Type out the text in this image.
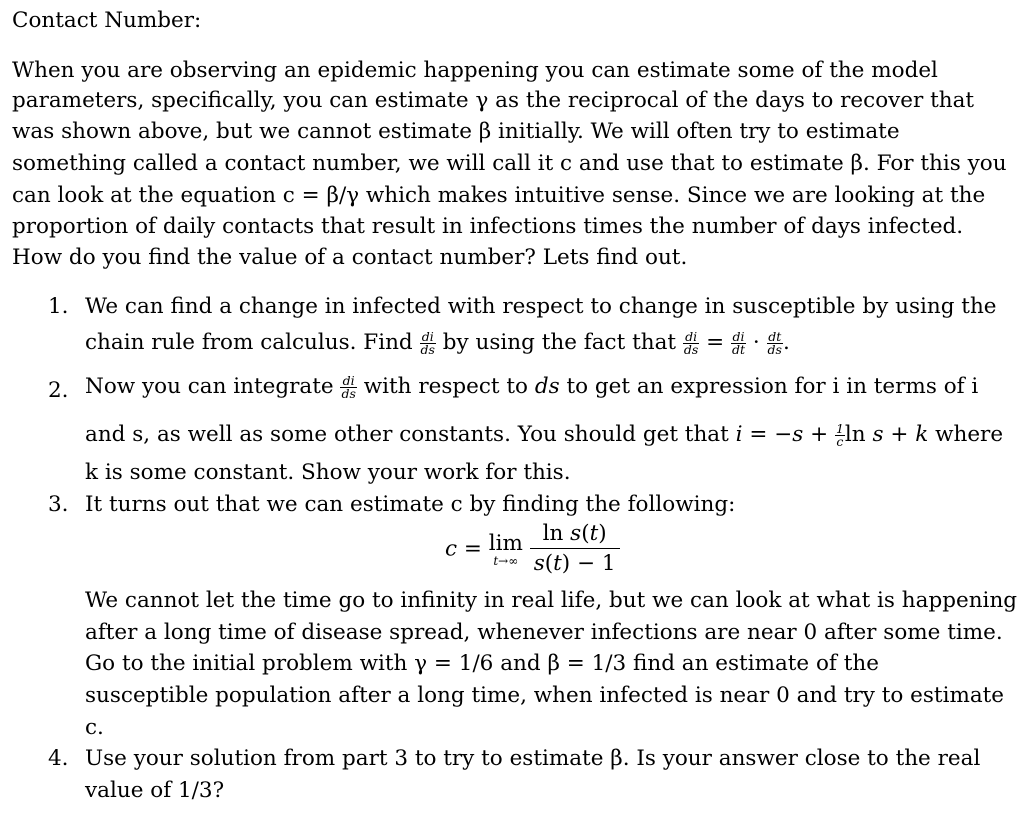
Contact Number:
When you are observing an epidemic happening you can estimate some of the model
parameters, specifically, you can estimate γ as the reciprocal of the days to recover that
was shown above, but we cannot estimate β initially. We will often try to estimate
something called a contact number, we will call it c and use that to estimate β. For this you
can look at the equation c = β/γ which makes intuitive sense. Since we are looking at the
proportion of daily contacts that result in infections times the number of days infected.
How do you find the value of a contact number? Lets find out.
1. We can find a change in infected with respect to change in susceptible by using the
chain rule from calculus. Find $\frac{di}{ds}$ by using the fact that $\frac{di}{ds} = \frac{di}{dt} \cdot \frac{dt}{ds}$ .
2. Now you can integrate $\frac{di}{ds}$ with respect to ds to get an expression for i in terms of i
and s, as well as some other constants. You should get that $i = -s + \frac{1}{c}$ ln s + k where
k is some constant. Show your work for this.
3. It turns out that we can estimate c by finding the following:
c = lim
t→∞
$\frac{\text{ln s(t)}}{s(t) - 1}$
We cannot let the time go to infinity in real life, but we can look at what is happening
after a long time of disease spread, whenever infections are near 0 after some time.
Go to the initial problem with γ = 1/6 and β = 1/3 find an estimate of the
susceptible population after a long time, when infected is near 0 and try to estimate
c.
4. Use your solution from part 3 to try to estimate β. Is your answer close to the real
value of 1/3?
